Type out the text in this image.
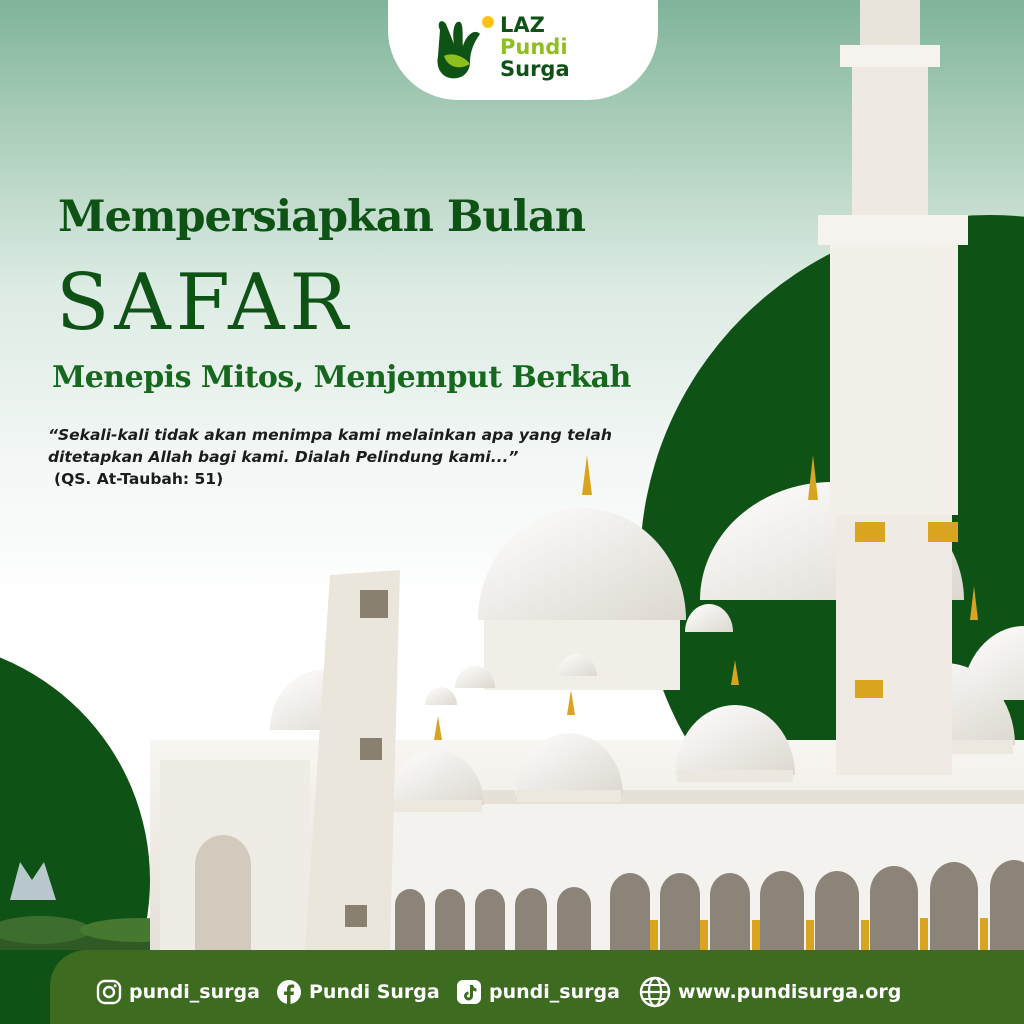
LAZ
Pundi
Surga
Mempersiapkan Bulan
SAFAR
Menepis Mitos, Menjemput Berkah

“Sekali-kali tidak akan menimpa kami melainkan apa yang telah ditetapkan Allah bagi kami. Dialah Pelindung kami...”

(QS. At-Taubah: 51)

pundi_surga	Pundi Surga	pundi_surga	www.pundisurga.org
